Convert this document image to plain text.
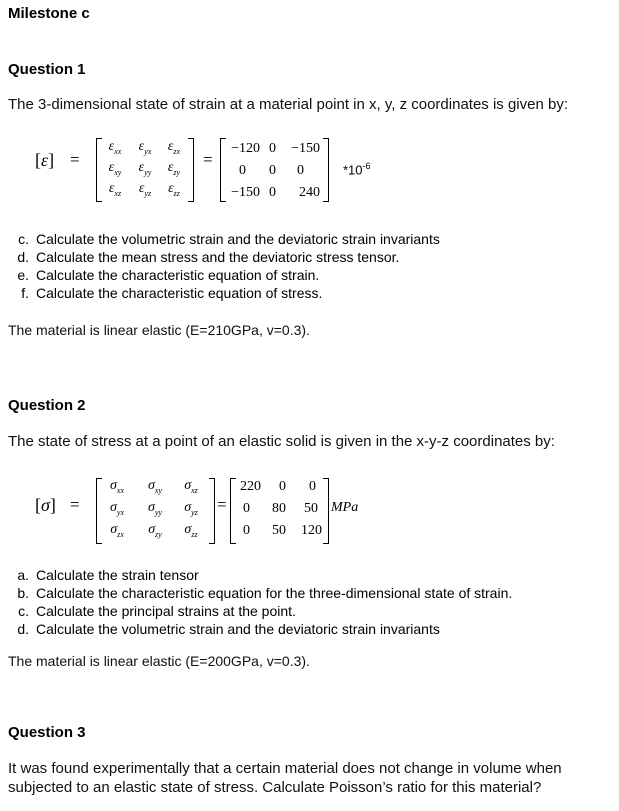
Milestone c
Question 1
The 3-dimensional state of strain at a material point in x, y, z coordinates is given by:
[ε] =
$\varepsilon_{xx}$	$\varepsilon_{yx}$	$\varepsilon_{zx}$
$\varepsilon_{xy}$	$\varepsilon_{yy}$	$\varepsilon_{zy}$
$\varepsilon_{xz}$	$\varepsilon_{yz}$	$\varepsilon_{zz}$
=
−120 0	−150
0	0	0
−150 0	240
$*10^{-6}$
c. Calculate the volumetric strain and the deviatoric strain invariants
d. Calculate the mean stress and the deviatoric stress tensor.
e. Calculate the characteristic equation of strain.
f. Calculate the characteristic equation of stress.
The material is linear elastic (E=210GPa, v=0.3).
Question 2
The state of stress at a point of an elastic solid is given in the x-y-z coordinates by:
[σ] =
$\sigma_{xx}$ $\sigma_{xy}$	$\sigma_{xz}$
$\sigma_{yx}$ $\sigma_{yy}$	$\sigma_{yz}$
$\sigma_{zx}$	$\sigma_{zy}$	$\sigma_{zz}$
=
220	0	0
0	80	50
0	50	120
MPa
a. Calculate the strain tensor
b. Calculate the characteristic equation for the three-dimensional state of strain.
c. Calculate the principal strains at the point.
d. Calculate the volumetric strain and the deviatoric strain invariants
The material is linear elastic (E=200GPa, v=0.3).
Question 3
It was found experimentally that a certain material does not change in volume when
subjected to an elastic state of stress. Calculate Poisson’s ratio for this material?
